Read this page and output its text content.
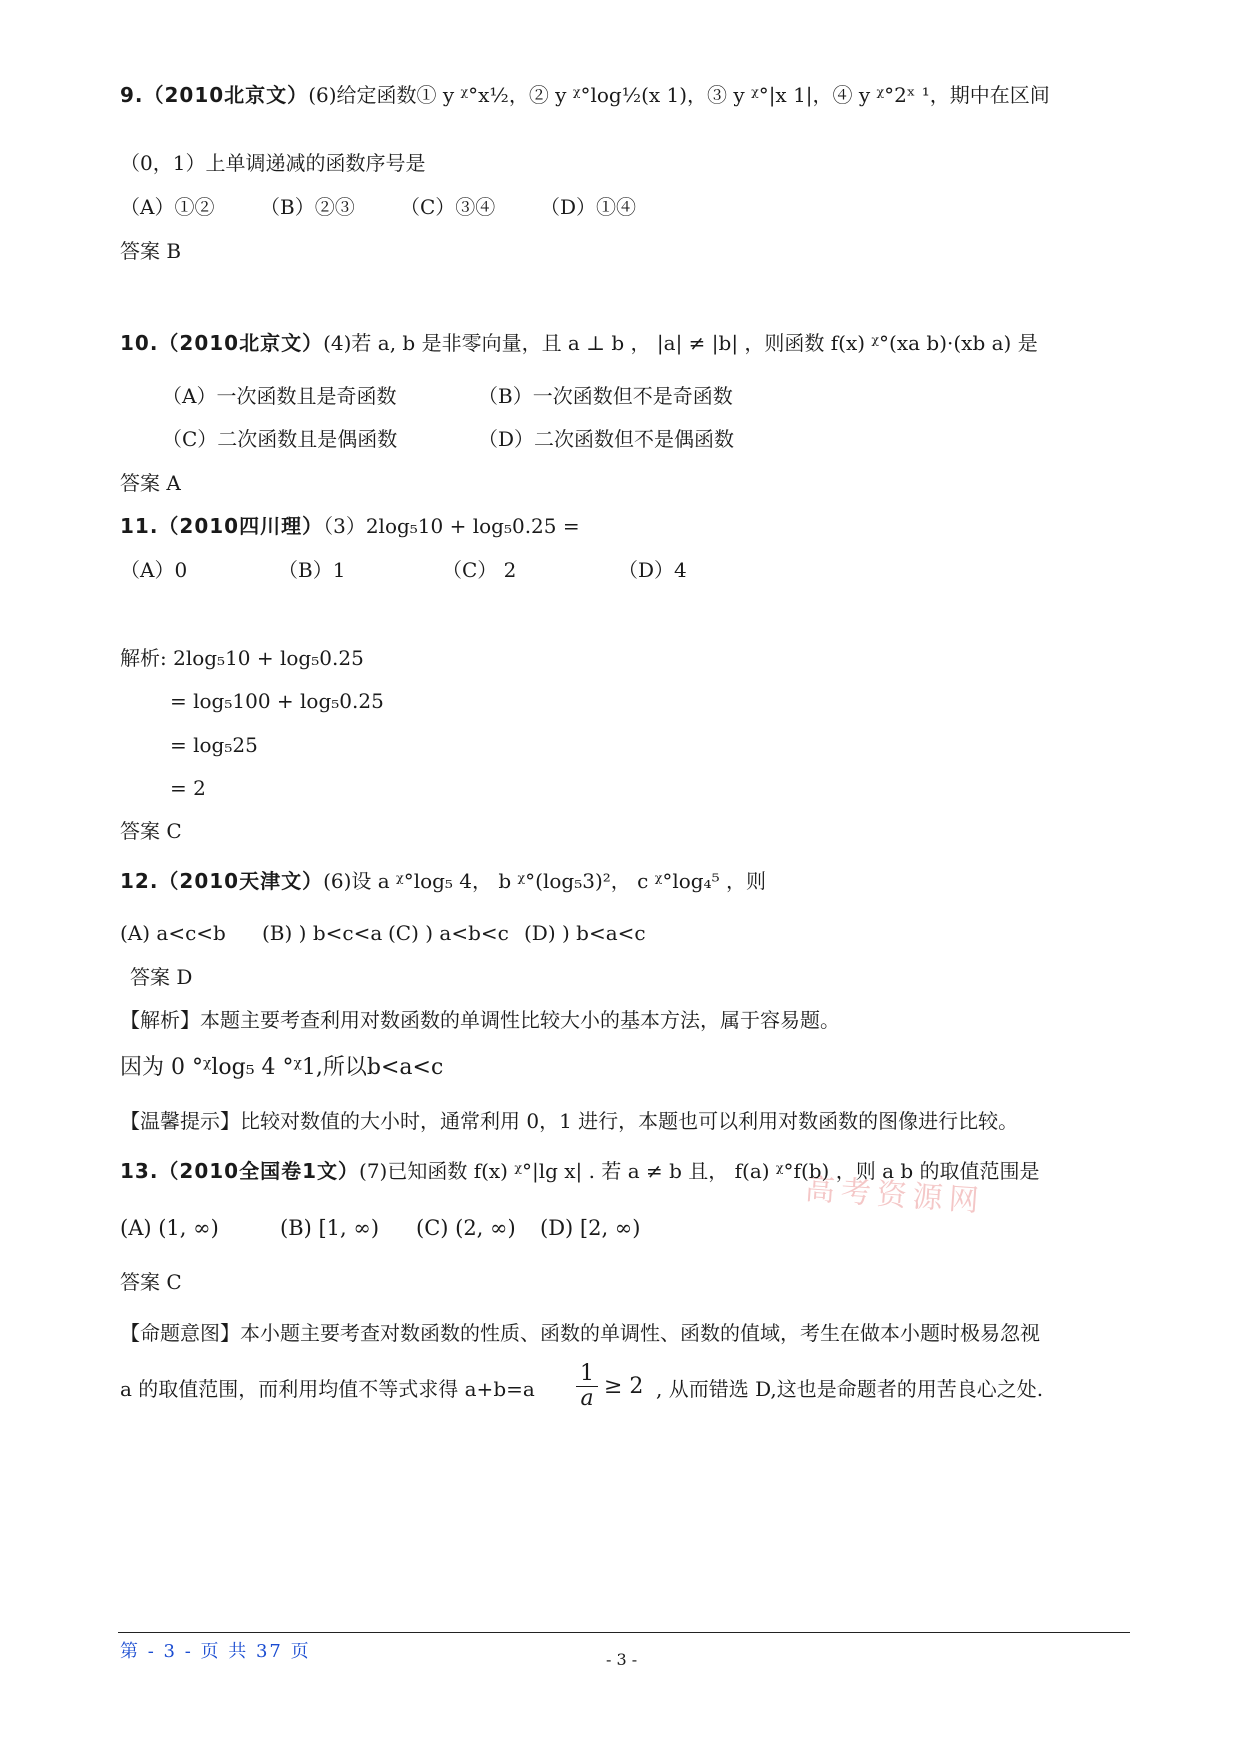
9.（2010北京文）(6)给定函数① y ᵡ°x½，② y ᵡ°log½(x 1)，③ y ᵡ°|x 1|，④ y ᵡ°2ˣ ¹，期中在区间
（0，1）上单调递减的函数序号是
（A）①② （B）②③ （C）③④ （D）①④
答案 B
10.（2010北京文）(4)若 a, b 是非零向量，且 a ⊥ b ， |a| ≠ |b| ，则函数 f(x) ᵡ°(xa b)·(xb a) 是
（A）一次函数且是奇函数	（B）一次函数但不是奇函数
（C）二次函数且是偶函数	（D）二次函数但不是偶函数
答案 A
11.（2010四川理）（3）2log₅10 + log₅0.25 =
（A）0	（B）1	（C） 2	（D）4
解析: 2log₅10 + log₅0.25
= log₅100 + log₅0.25
= log₅25
= 2
答案 C
12.（2010天津文）(6)设 a ᵡ°log₅ 4， b ᵡ°(log₅3)²， c ᵡ°log₄⁵ ，则
(A) a<c<b (B) ) b<c<a (C) ) a<b<c (D) ) b<a<c
答案 D
【解析】本题主要考查利用对数函数的单调性比较大小的基本方法，属于容易题。
因为 0 °ᵡlog₅ 4 °ᵡ1,所以b<a<c
高考资源网
【温馨提示】比较对数值的大小时，通常利用 0，1 进行，本题也可以利用对数函数的图像进行比较。
13.（2010全国卷1文）(7)已知函数 f(x) ᵡ°|lg x| . 若 a ≠ b 且， f(a) ᵡ°f(b) ，则 a b 的取值范围是
(A) (1, ∞)	(B) [1, ∞) (C) (2, ∞) (D) [2, ∞)
答案 C
【命题意图】本小题主要考查对数函数的性质、函数的单调性、函数的值域，考生在做本小题时极易忽视
a 的取值范围，而利用均值不等式求得 $a+b=a \frac{1}{a} \ge 2$ , 从而错选 D,这也是命题者的用苦良心之处.
第 - 3 - 页 共 37 页	- 3 -
